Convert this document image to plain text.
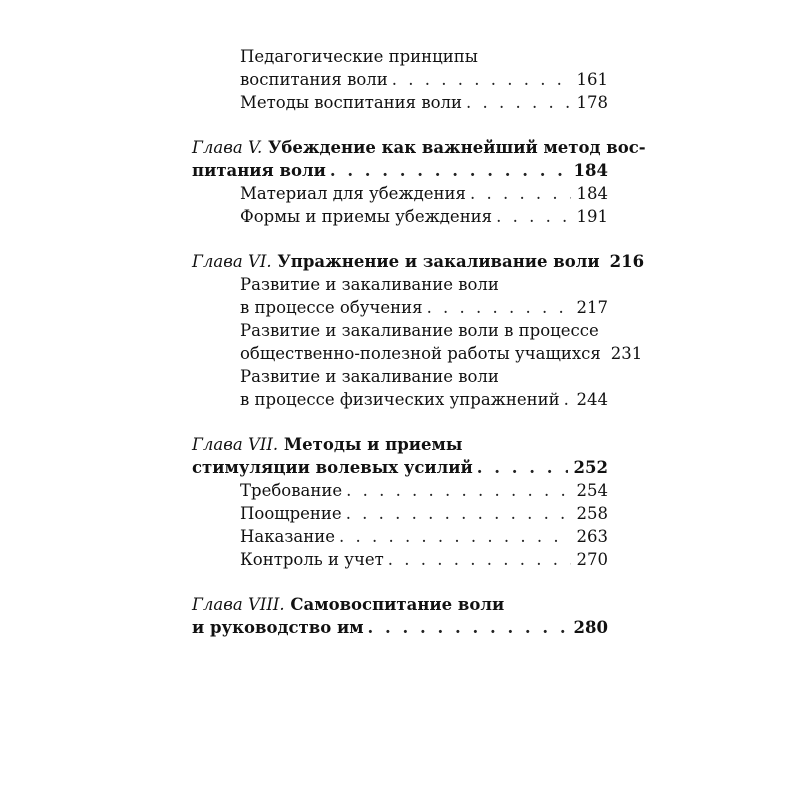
Педагогические принципы
воспитания воли . . .	161
Методы воспитания воли . . .	178
Глава V. Убеждение как важнейший метод вос-
питания воли . . .	184
Материал для убеждения . . .	184
Формы и приемы убеждения . . .	191
Глава VI. Упражнение и закаливание воли 216
Развитие и закаливание воли
в процессе обучения . . .	217
Развитие и закаливание воли в процессе
общественно-полезной работы учащихся 231
Развитие и закаливание воли
в процессе физических упражнений . . . 244
Глава VII. Методы и приемы
стимуляции волевых усилий . . .	252
Требование . . .	254
Поощрение . . .	258
Наказание . . .	263
Контроль и учет . . .	270
Глава VIII. Самовоспитание воли
и руководство им . . .	280
